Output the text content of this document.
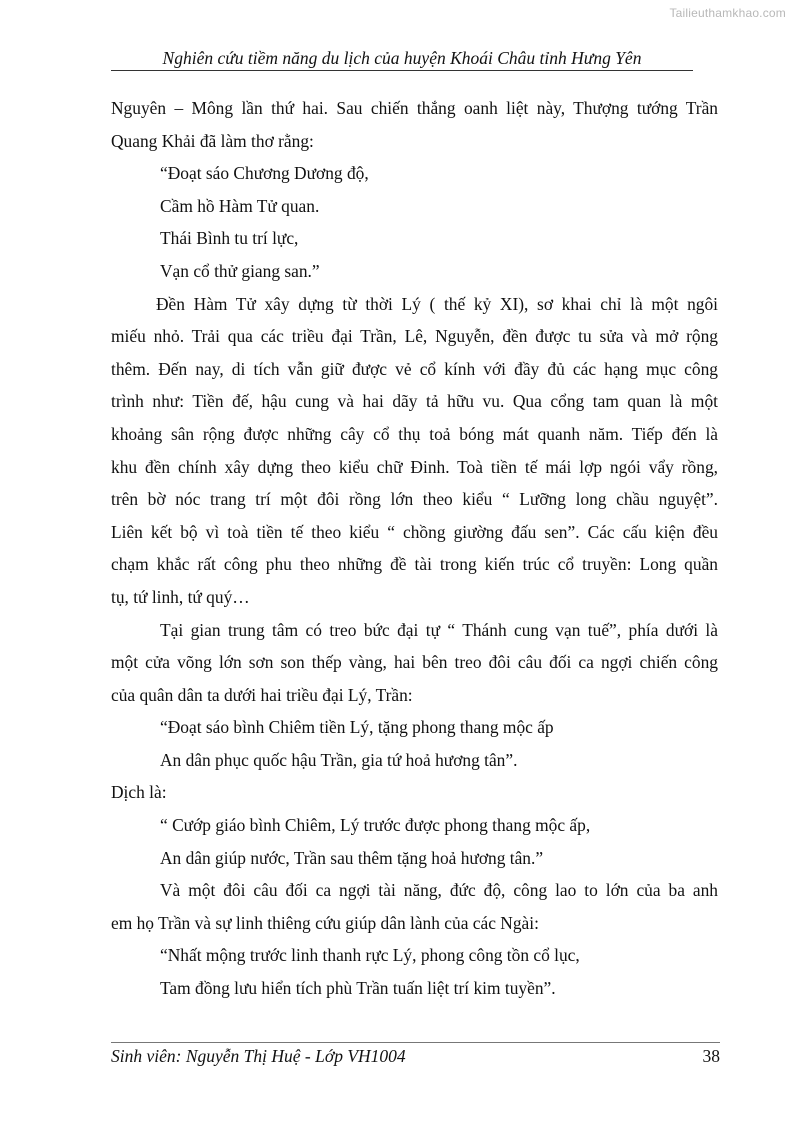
Tailieuthamkhao.com
Nghiên cứu tiềm năng du lịch của huyện Khoái Châu tỉnh Hưng Yên
Nguyên – Mông lần thứ hai. Sau chiến thắng oanh liệt này, Thượng tướng Trần
Quang Khải đã làm thơ rằng:
“Đoạt sáo Chương Dương độ,
Cầm hồ Hàm Tử quan.
Thái Bình tu trí lực,
Vạn cổ thử giang san.”
Đền Hàm Tử xây dựng từ thời Lý ( thế kỷ XI), sơ khai chỉ là một ngôi
miếu nhỏ. Trải qua các triều đại Trần, Lê, Nguyễn, đền được tu sửa và mở rộng
thêm. Đến nay, di tích vẫn giữ được vẻ cổ kính với đầy đủ các hạng mục công
trình như: Tiền đế, hậu cung và hai dãy tả hữu vu. Qua cổng tam quan là một
khoảng sân rộng được những cây cổ thụ toả bóng mát quanh năm. Tiếp đến là
khu đền chính xây dựng theo kiểu chữ Đinh. Toà tiền tế mái lợp ngói vẩy rồng,
trên bờ nóc trang trí một đôi rồng lớn theo kiểu “ Lưỡng long chầu nguyệt”.
Liên kết bộ vì toà tiền tế theo kiểu “ chồng giường đấu sen”. Các cấu kiện đều
chạm khắc rất công phu theo những đề tài trong kiến trúc cổ truyền: Long quần
tụ, tứ linh, tứ quý…
Tại gian trung tâm có treo bức đại tự “ Thánh cung vạn tuế”, phía dưới là
một cửa võng lớn sơn son thếp vàng, hai bên treo đôi câu đối ca ngợi chiến công
của quân dân ta dưới hai triều đại Lý, Trần:
“Đoạt sáo bình Chiêm tiền Lý, tặng phong thang mộc ấp
An dân phục quốc hậu Trần, gia tứ hoả hương tân”.
Dịch là:
“ Cướp giáo bình Chiêm, Lý trước được phong thang mộc ấp,
An dân giúp nước, Trần sau thêm tặng hoả hương tân.”
Và một đôi câu đối ca ngợi tài năng, đức độ, công lao to lớn của ba anh
em họ Trần và sự linh thiêng cứu giúp dân lành của các Ngài:
“Nhất mộng trước linh thanh rực Lý, phong công tồn cổ lục,
Tam đồng lưu hiển tích phù Trần tuấn liệt trí kim tuyền”.
Sinh viên: Nguyễn Thị Huệ - Lớp VH1004	38
